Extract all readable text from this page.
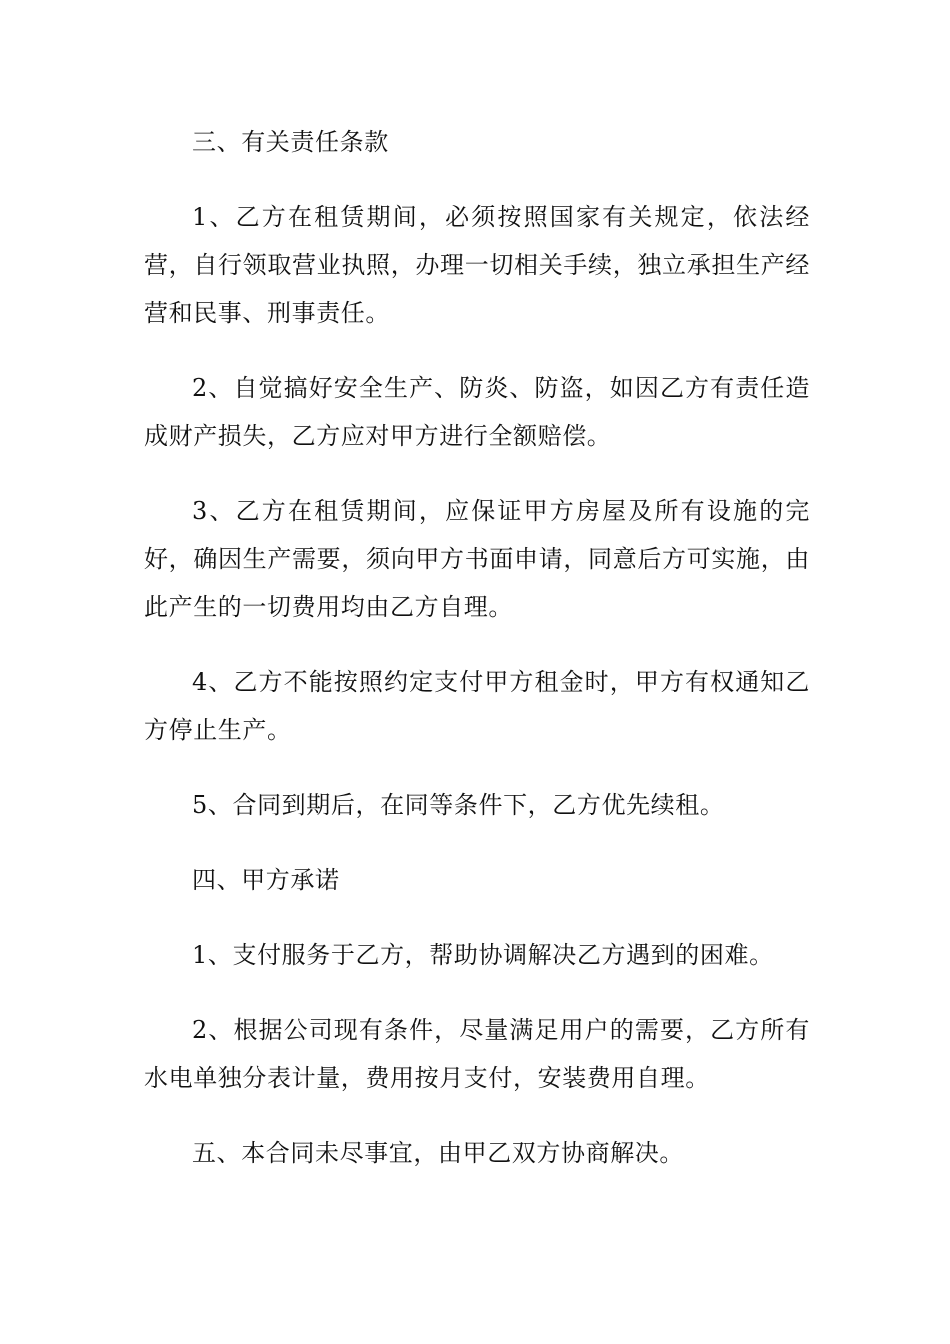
三、有关责任条款

1、乙方在租赁期间，必须按照国家有关规定，依法经营，自行领取营业执照，办理一切相关手续，独立承担生产经营和民事、刑事责任。

2、自觉搞好安全生产、防炎、防盗，如因乙方有责任造成财产损失，乙方应对甲方进行全额赔偿。

3、乙方在租赁期间，应保证甲方房屋及所有设施的完好，确因生产需要，须向甲方书面申请，同意后方可实施，由此产生的一切费用均由乙方自理。

4、乙方不能按照约定支付甲方租金时，甲方有权通知乙方停止生产。

5、合同到期后，在同等条件下，乙方优先续租。

四、甲方承诺

1、支付服务于乙方，帮助协调解决乙方遇到的困难。

2、根据公司现有条件，尽量满足用户的需要，乙方所有水电单独分表计量，费用按月支付，安装费用自理。

五、本合同未尽事宜，由甲乙双方协商解决。
